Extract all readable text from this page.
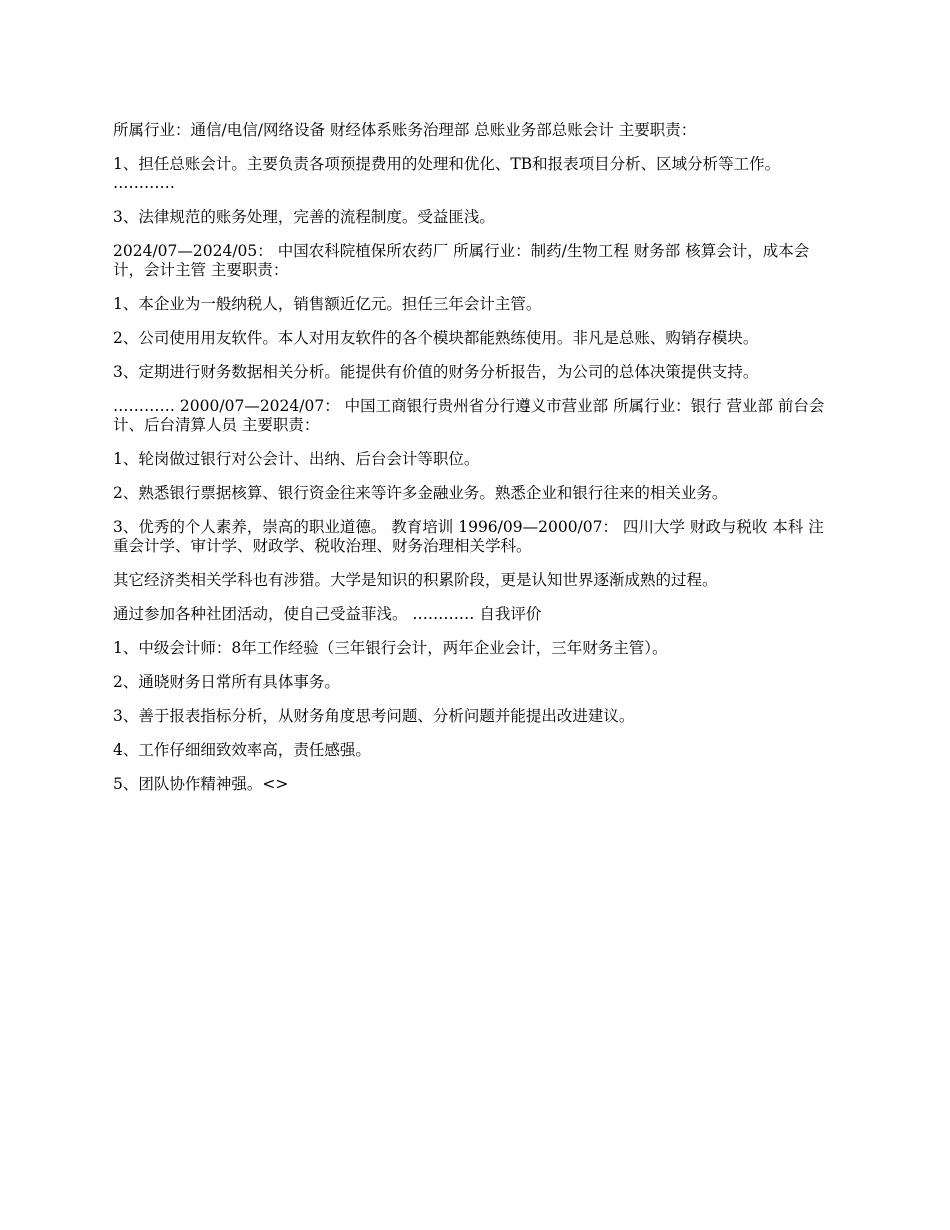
所属行业：通信/电信/网络设备 财经体系账务治理部 总账业务部总账会计 主要职责：

1、担任总账会计。主要负责各项预提费用的处理和优化、TB和报表项目分析、区域分析等工作。 …………

3、法律规范的账务处理，完善的流程制度。受益匪浅。

2024/07—2024/05： 中国农科院植保所农药厂 所属行业：制药/生物工程 财务部 核算会计，成本会计，会计主管 主要职责：

1、本企业为一般纳税人，销售额近亿元。担任三年会计主管。

2、公司使用用友软件。本人对用友软件的各个模块都能熟练使用。非凡是总账、购销存模块。

3、定期进行财务数据相关分析。能提供有价值的财务分析报告，为公司的总体决策提供支持。

………… 2000/07—2024/07： 中国工商银行贵州省分行遵义市营业部 所属行业：银行 营业部 前台会计、后台清算人员 主要职责：

1、轮岗做过银行对公会计、出纳、后台会计等职位。

2、熟悉银行票据核算、银行资金往来等许多金融业务。熟悉企业和银行往来的相关业务。

3、优秀的个人素养，崇高的职业道德。 教育培训 1996/09—2000/07： 四川大学 财政与税收 本科 注重会计学、审计学、财政学、税收治理、财务治理相关学科。

其它经济类相关学科也有涉猎。大学是知识的积累阶段，更是认知世界逐渐成熟的过程。

通过参加各种社团活动，使自己受益菲浅。 ………… 自我评价

1、中级会计师：8年工作经验（三年银行会计，两年企业会计，三年财务主管）。

2、通晓财务日常所有具体事务。

3、善于报表指标分析，从财务角度思考问题、分析问题并能提出改进建议。

4、工作仔细细致效率高，责任感强。

5、团队协作精神强。<>
